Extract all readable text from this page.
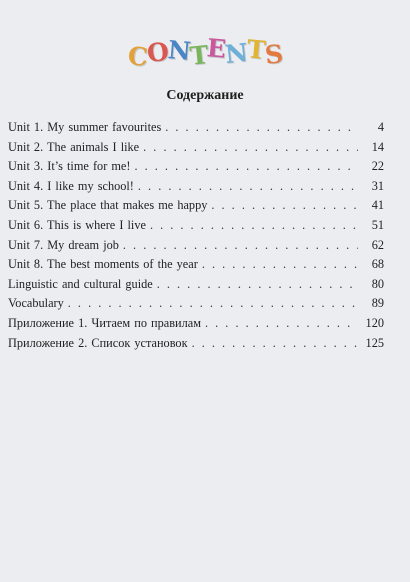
C
O
N
T
E
N
T
S
Содержание
Unit 1. My summer favourites . . .	4
Unit 2. The animals I like . . .	14
Unit 3. It’s time for me! . . .	22
Unit 4. I like my school! . . .	31
Unit 5. The place that makes me happy . . .	41
Unit 6. This is where I live . . .	51
Unit 7. My dream job . . .	62
Unit 8. The best moments of the year . . .	68
Linguistic and cultural guide . . .	80
Vocabulary . . .	89
Приложение 1. Читаем по правилам . . .	120
Приложение 2. Список установок . . .	125
